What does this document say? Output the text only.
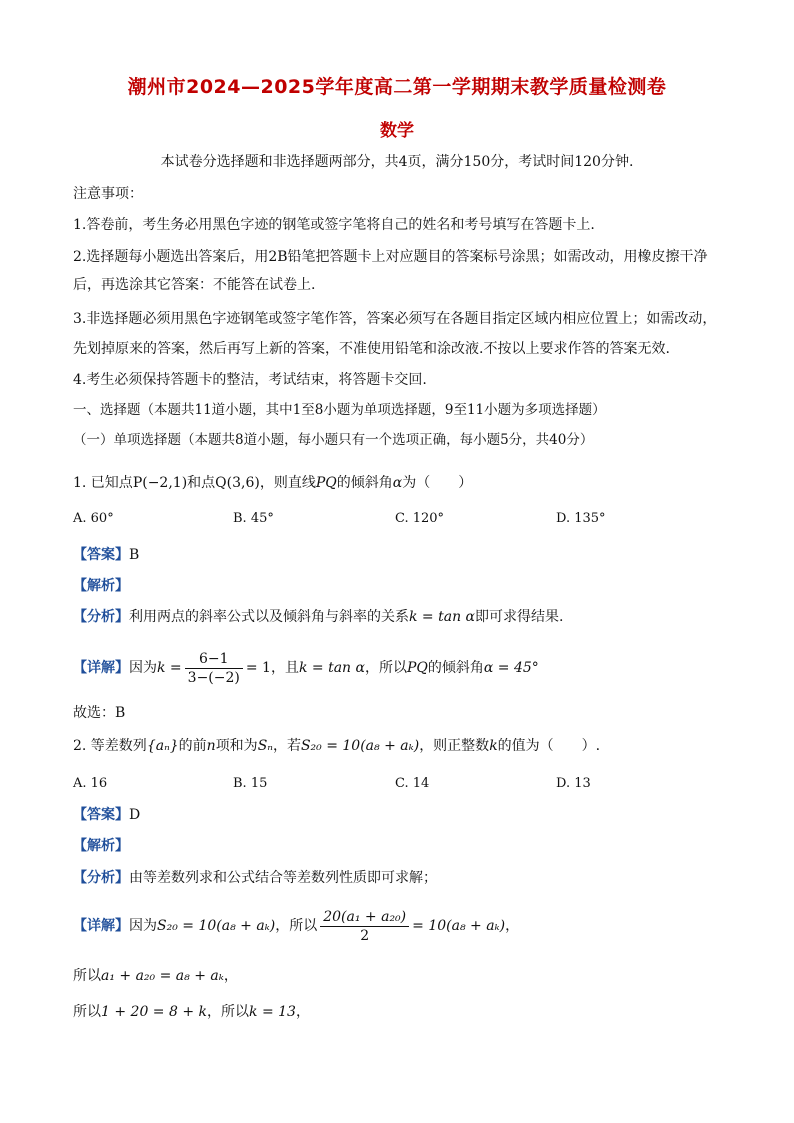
潮州市2024—2025学年度高二第一学期期末教学质量检测卷
数学
本试卷分选择题和非选择题两部分，共4页，满分150分，考试时间120分钟.
注意事项：
1.答卷前，考生务必用黑色字迹的钢笔或签字笔将自己的姓名和考号填写在答题卡上.
2.选择题每小题选出答案后，用2B铅笔把答题卡上对应题目的答案标号涂黑；如需改动，用橡皮擦干净
后，再选涂其它答案：不能答在试卷上.
3.非选择题必须用黑色字迹钢笔或签字笔作答，答案必须写在各题目指定区域内相应位置上；如需改动，
先划掉原来的答案，然后再写上新的答案，不准使用铅笔和涂改液.不按以上要求作答的答案无效.
4.考生必须保持答题卡的整洁，考试结束，将答题卡交回.
一、选择题（本题共11道小题，其中1至8小题为单项选择题，9至11小题为多项选择题）
（一）单项选择题（本题共8道小题，每小题只有一个选项正确，每小题5分，共40分）
1. 已知点P(−2,1)和点Q(3,6)，则直线PQ的倾斜角α为（　　）
A. 60°	B. 45°	C. 120°	D. 135°
【答案】B
【解析】
【分析】利用两点的斜率公式以及倾斜角与斜率的关系k = tan α即可求得结果.
【详解】因为$k = \frac{6-1}{3-(-2)} = 1$，且k = tan α，所以PQ的倾斜角α = 45°
故选：B
2. 等差数列{aₙ}的前n项和为Sₙ，若S₂₀ = 10(a₈ + aₖ)，则正整数k的值为（　　）.
A. 16	B. 15	C. 14	D. 13
【答案】D
【解析】
【分析】由等差数列求和公式结合等差数列性质即可求解；
【详解】因为S₂₀ = 10(a₈ + aₖ)，所以 $\frac{\text{20(a₁ + a₂₀)}}{2} = 10(a_8 + a_k)$，
所以a₁ + a₂₀ = a₈ + aₖ，
所以1 + 20 = 8 + k，所以k = 13，
